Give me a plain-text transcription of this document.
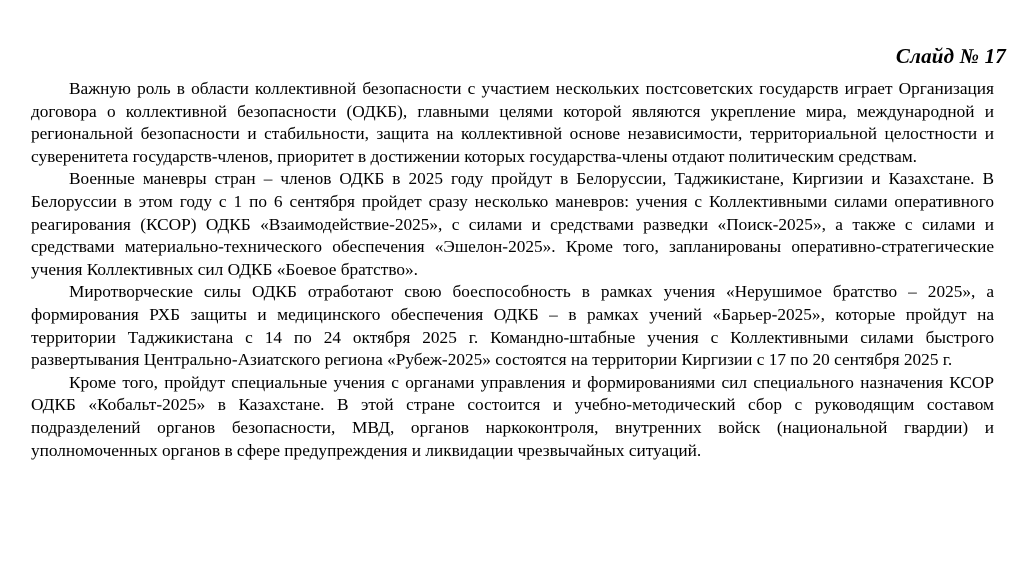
Слайд № 17

Важную роль в области коллективной безопасности с участием нескольких постсоветских государств играет Организация договора о коллективной безопасности (ОДКБ), главными целями которой являются укрепление мира, международной и региональной безопасности и стабильности, защита на коллективной основе независимости, территориальной целостности и суверенитета государств-членов, приоритет в достижении которых государства-члены отдают политическим средствам.

Военные маневры стран – членов ОДКБ в 2025 году пройдут в Белоруссии, Таджикистане, Киргизии и Казахстане. В Белоруссии в этом году с 1 по 6 сентября пройдет сразу несколько маневров: учения с Коллективными силами оперативного реагирования (КСОР) ОДКБ «Взаимодействие-2025», с силами и средствами разведки «Поиск-2025», а также с силами и средствами материально-технического обеспечения «Эшелон-2025». Кроме того, запланированы оперативно-стратегические учения Коллективных сил ОДКБ «Боевое братство».

Миротворческие силы ОДКБ отработают свою боеспособность в рамках учения «Нерушимое братство – 2025», а формирования РХБ защиты и медицинского обеспечения ОДКБ – в рамках учений «Барьер-2025», которые пройдут на территории Таджикистана с 14 по 24 октября 2025 г. Командно-штабные учения с Коллективными силами быстрого развертывания Центрально-Азиатского региона «Рубеж-2025» состоятся на территории Киргизии с 17 по 20 сентября 2025 г.

Кроме того, пройдут специальные учения с органами управления и формированиями сил специального назначения КСОР ОДКБ «Кобальт-2025» в Казахстане. В этой стране состоится и учебно-методический сбор с руководящим составом подразделений органов безопасности, МВД, органов наркоконтроля, внутренних войск (национальной гвардии) и уполномоченных органов в сфере предупреждения и ликвидации чрезвычайных ситуаций.
